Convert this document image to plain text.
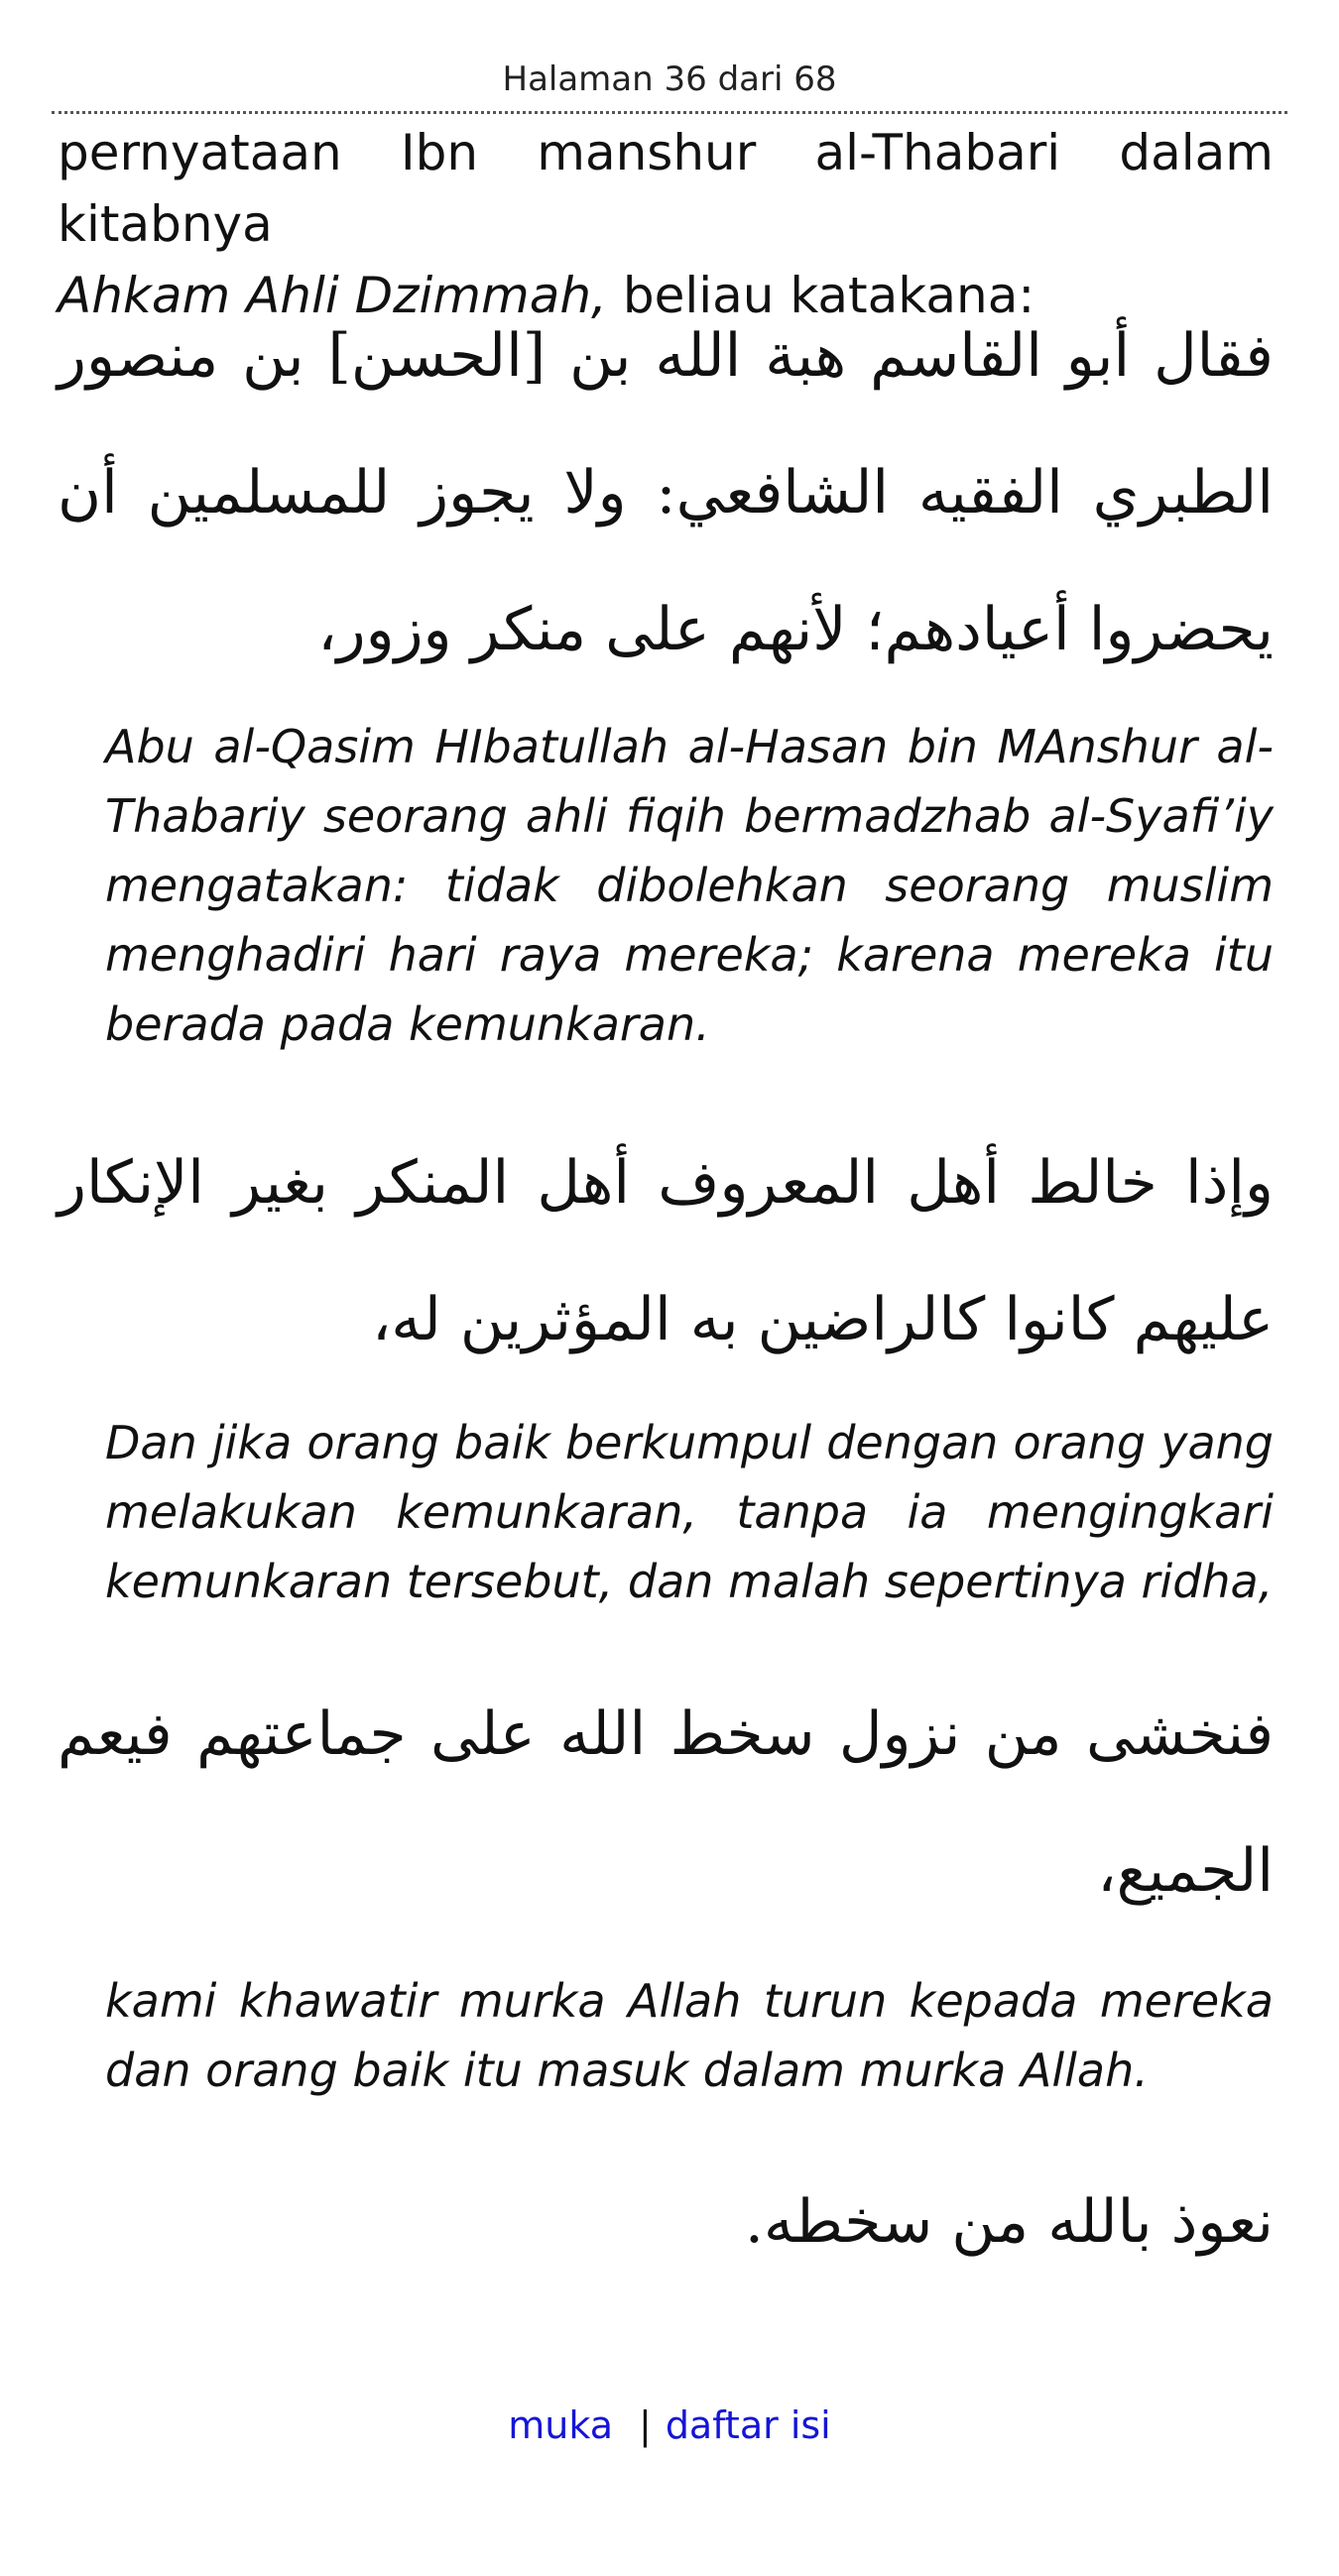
Halaman 36 dari 68
pernyataan Ibn manshur al-Thabari dalam kitabnya
Ahkam Ahli Dzimmah, beliau katakana:
فقال أبو القاسم هبة الله بن [الحسن] بن منصور
الطبري الفقيه الشافعي: ولا يجوز للمسلمين أن
يحضروا أعيادهم؛ لأنهم على منكر وزور،
Abu al-Qasim HIbatullah al-Hasan bin MAnshur al-
Thabariy seorang ahli fiqih bermadzhab al-Syafi’iy
mengatakan: tidak dibolehkan seorang muslim
menghadiri hari raya mereka; karena mereka itu
berada pada kemunkaran.
وإذا خالط أهل المعروف أهل المنكر بغير الإنكار
عليهم كانوا كالراضين به المؤثرين له،
Dan jika orang baik berkumpul dengan orang yang
melakukan kemunkaran, tanpa ia mengingkari
kemunkaran tersebut, dan malah sepertinya ridha,
فنخشى من نزول سخط الله على جماعتهم فيعم
الجميع،
kami khawatir murka Allah turun kepada mereka
dan orang baik itu masuk dalam murka Allah.
نعوذ بالله من سخطه.
muka | daftar isi
